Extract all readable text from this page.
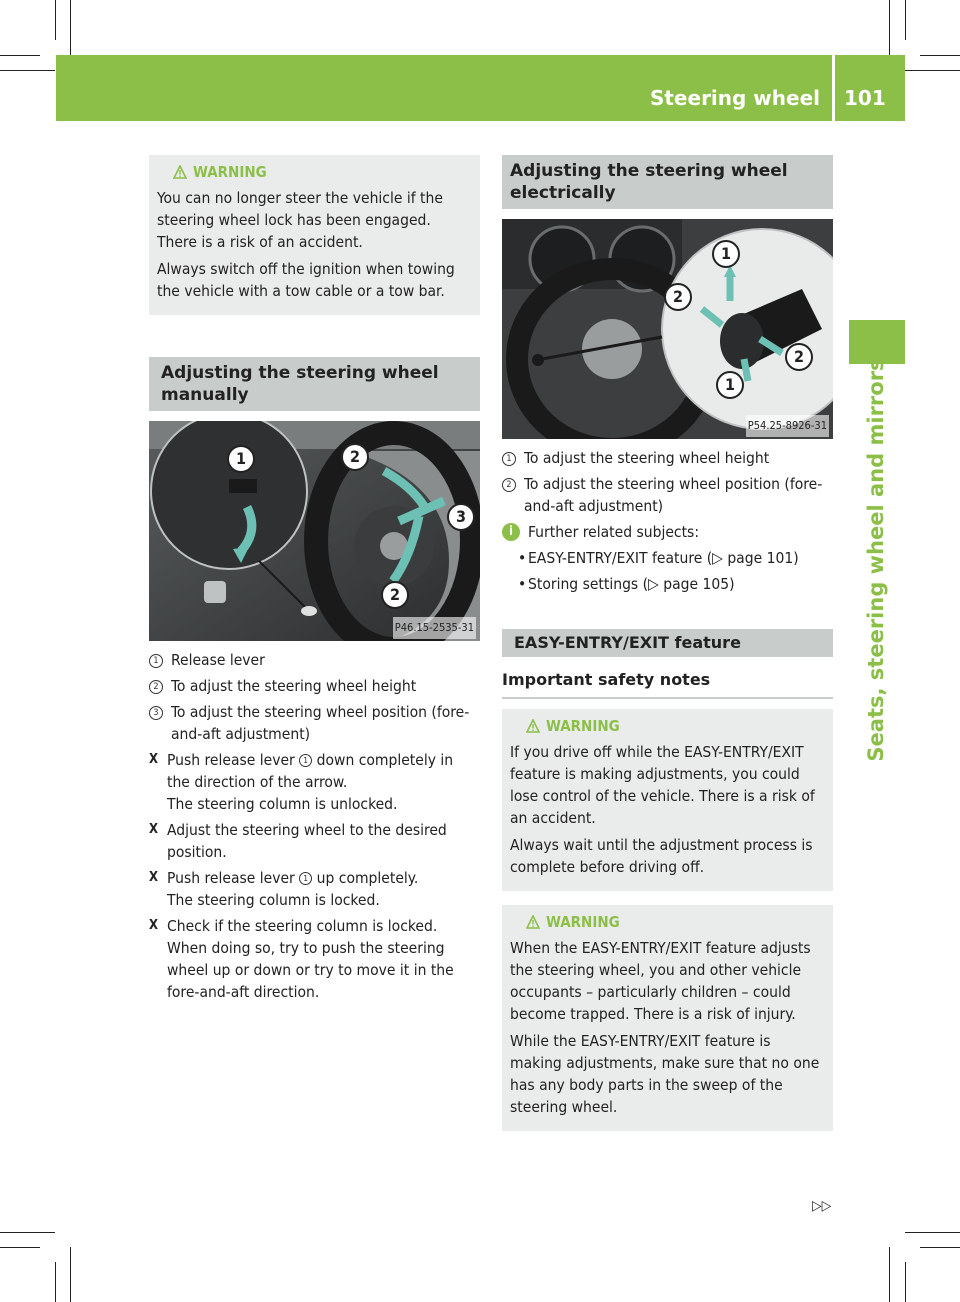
Steering wheel 101
Seats, steering wheel and mirrors
WARNING

You can no longer steer the vehicle if the steering wheel lock has been engaged. There is a risk of an accident.

Always switch off the ignition when towing the vehicle with a tow cable or a tow bar.

Adjusting the steering wheel manually
1	2
3
2
P46.15-2535-31
1 Release lever
2 To adjust the steering wheel height
3 To adjust the steering wheel position (fore-and-aft adjustment)
X Push release lever 1 down completely in the direction of the arrow.
The steering column is unlocked.
X Adjust the steering wheel to the desired position.
X Push release lever 1 up completely.
The steering column is locked.
X Check if the steering column is locked. When doing so, try to push the steering wheel up or down or try to move it in the fore-and-aft direction.
Adjusting the steering wheel electrically
1
2
2
1
P54.25-8926-31
1 To adjust the steering wheel height
2 To adjust the steering wheel position (fore-and-aft adjustment)
i Further related subjects:
• EASY-ENTRY/EXIT feature (▷ page 101)
• Storing settings (▷ page 105)
EASY-ENTRY/EXIT feature
Important safety notes
WARNING

If you drive off while the EASY-ENTRY/EXIT feature is making adjustments, you could lose control of the vehicle. There is a risk of an accident.

Always wait until the adjustment process is complete before driving off.

WARNING

When the EASY-ENTRY/EXIT feature adjusts the steering wheel, you and other vehicle occupants – particularly children – could become trapped. There is a risk of injury.

While the EASY-ENTRY/EXIT feature is making adjustments, make sure that no one has any body parts in the sweep of the steering wheel.

▷▷
